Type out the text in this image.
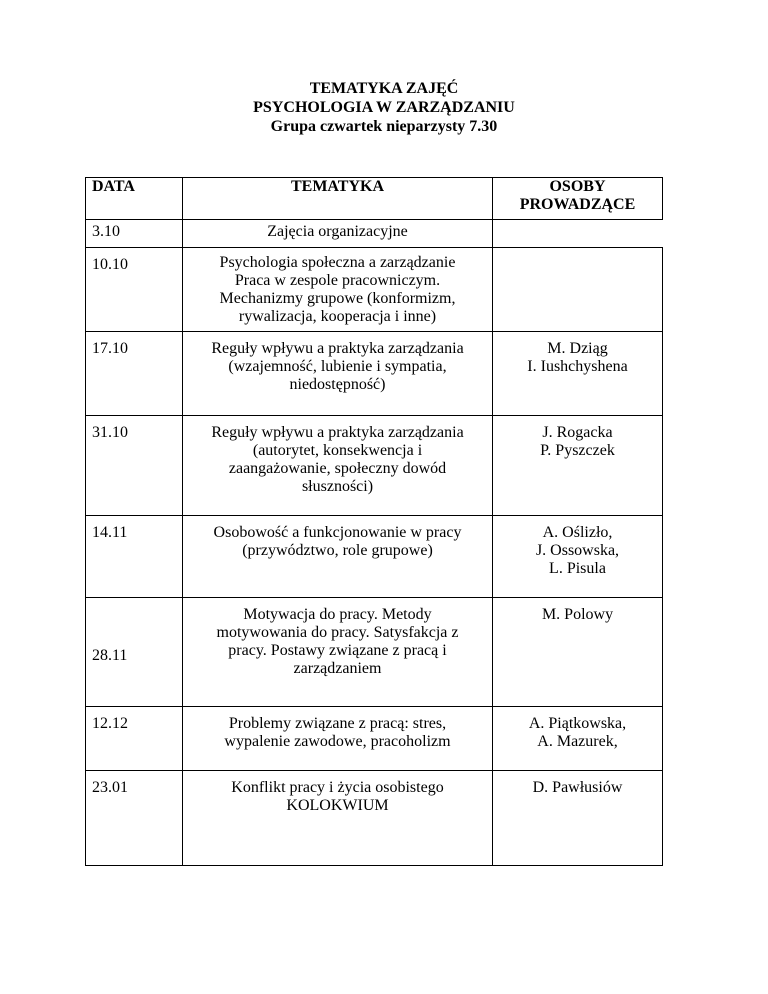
TEMATYKA ZAJĘĆ
PSYCHOLOGIA W ZARZĄDZANIU
Grupa czwartek nieparzysty 7.30
DATA	TEMATYKA	OSOBY
PROWADZĄCE

3.10	Zajęcia organizacyjne	

10.10	Psychologia społeczna a zarządzanie
Praca w zespole pracowniczym.
Mechanizmy grupowe (konformizm,
rywalizacja, kooperacja i inne)	

17.10	Reguły wpływu a praktyka zarządzania
(wzajemność, lubienie i sympatia,
niedostępność)	M. Dziąg
I. Iushchyshena

31.10	Reguły wpływu a praktyka zarządzania
(autorytet, konsekwencja i
zaangażowanie, społeczny dowód
słuszności)	J. Rogacka
P. Pyszczek

14.11	Osobowość a funkcjonowanie w pracy
(przywództwo, role grupowe)	A. Oślizło,
J. Ossowska,
L. Pisula

28.11	Motywacja do pracy. Metody
motywowania do pracy. Satysfakcja z
pracy. Postawy związane z pracą i
zarządzaniem	M. Polowy

12.12	Problemy związane z pracą: stres,
wypalenie zawodowe, pracoholizm	A. Piątkowska,
A. Mazurek,

23.01	Konflikt pracy i życia osobistego
KOLOKWIUM	D. Pawłusiów
